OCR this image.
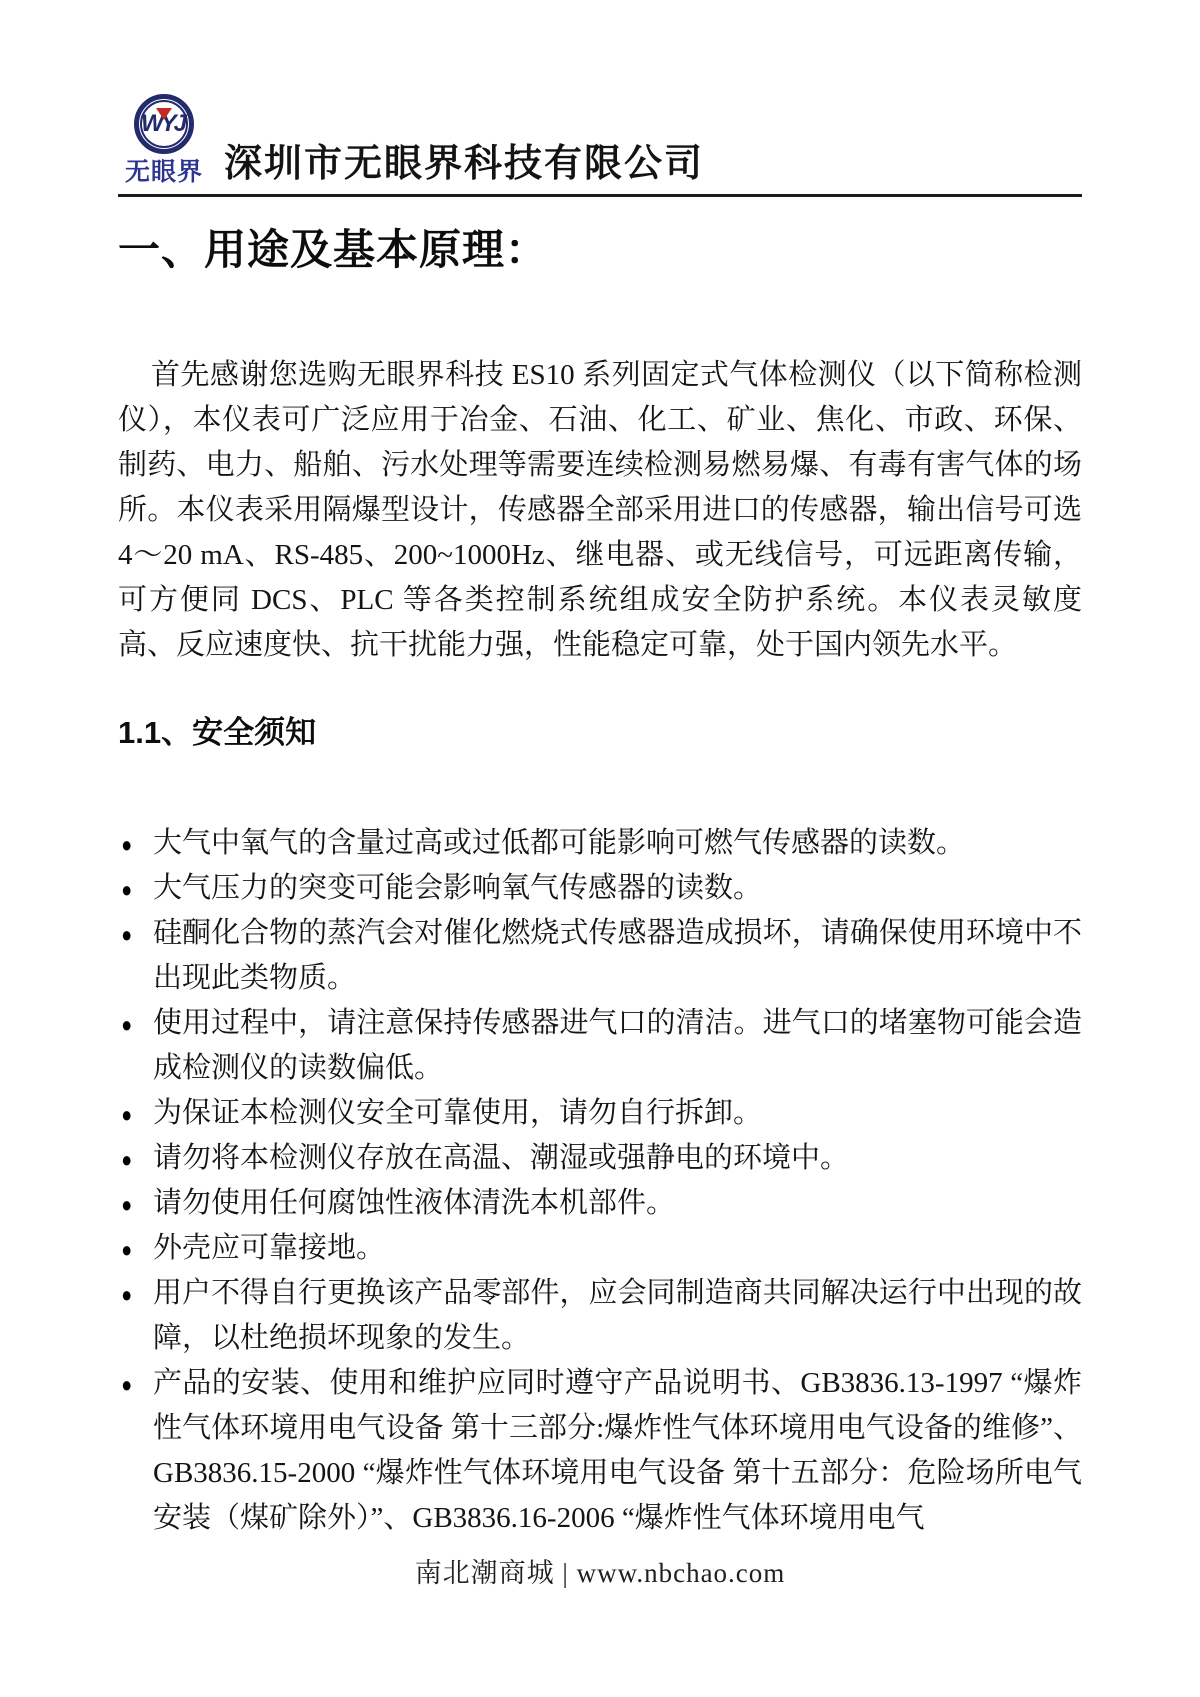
WYJ
无眼界 深圳市无眼界科技有限公司
一、用途及基本原理：

首先感谢您选购无眼界科技 ES10 系列固定式气体检测仪（以下简称检测仪），本仪表可广泛应用于冶金、石油、化工、矿业、焦化、市政、环保、制药、电力、船舶、污水处理等需要连续检测易燃易爆、有毒有害气体的场所。本仪表采用隔爆型设计，传感器全部采用进口的传感器，输出信号可选 4～20 mA、RS-485、200~1000Hz、继电器、或无线信号，可远距离传输，可方便同 DCS、PLC 等各类控制系统组成安全防护系统。本仪表灵敏度高、反应速度快、抗干扰能力强，性能稳定可靠，处于国内领先水平。

1.1、安全须知
● 大气中氧气的含量过高或过低都可能影响可燃气传感器的读数。
● 大气压力的突变可能会影响氧气传感器的读数。
● 硅酮化合物的蒸汽会对催化燃烧式传感器造成损坏，请确保使用环境中不出现此类物质。
● 使用过程中，请注意保持传感器进气口的清洁。进气口的堵塞物可能会造成检测仪的读数偏低。
● 为保证本检测仪安全可靠使用，请勿自行拆卸。
● 请勿将本检测仪存放在高温、潮湿或强静电的环境中。
● 请勿使用任何腐蚀性液体清洗本机部件。
● 外壳应可靠接地。
● 用户不得自行更换该产品零部件，应会同制造商共同解决运行中出现的故障，以杜绝损坏现象的发生。
● 产品的安装、使用和维护应同时遵守产品说明书、GB3836.13-1997 “爆炸性气体环境用电气设备 第十三部分:爆炸性气体环境用电气设备的维修”、GB3836.15-2000 “爆炸性气体环境用电气设备 第十五部分：危险场所电气安装（煤矿除外）”、GB3836.16-2006 “爆炸性气体环境用电气
南北潮商城 | www.nbchao.com
